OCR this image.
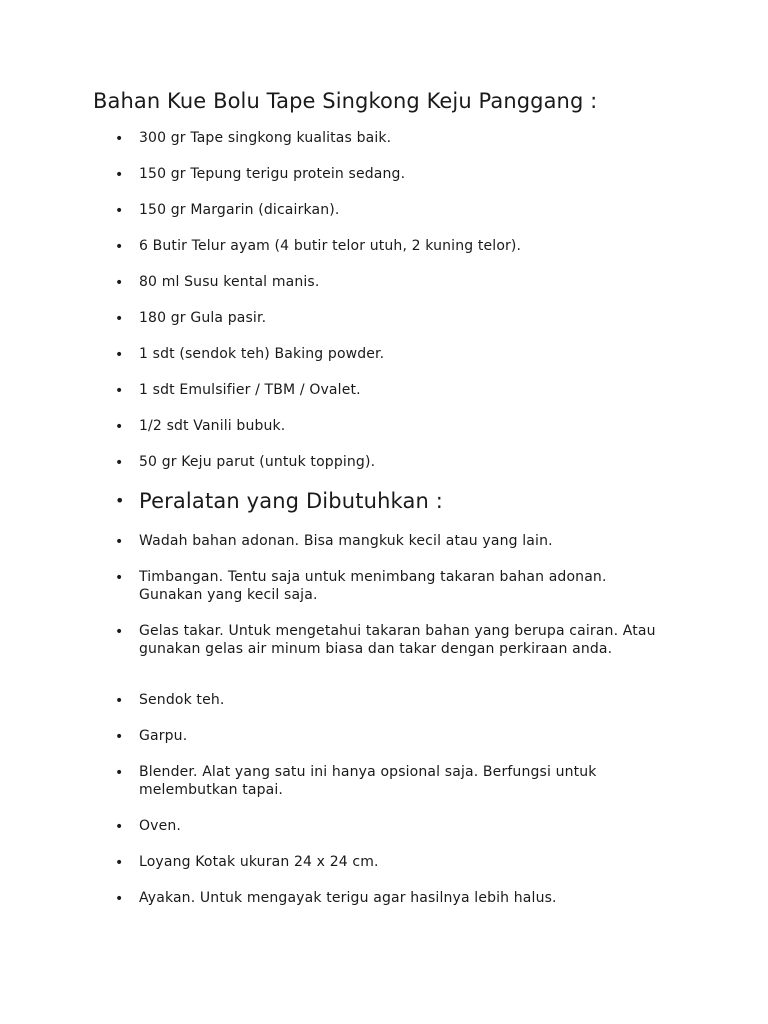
Bahan Kue Bolu Tape Singkong Keju Panggang :
• 300 gr Tape singkong kualitas baik.
• 150 gr Tepung terigu protein sedang.
• 150 gr Margarin (dicairkan).
• 6 Butir Telur ayam (4 butir telor utuh, 2 kuning telor).
• 80 ml Susu kental manis.
• 180 gr Gula pasir.
• 1 sdt (sendok teh) Baking powder.
• 1 sdt Emulsifier / TBM / Ovalet.
• 1/2 sdt Vanili bubuk.
• 50 gr Keju parut (untuk topping).
• Peralatan yang Dibutuhkan :
• Wadah bahan adonan. Bisa mangkuk kecil atau yang lain.
• Timbangan. Tentu saja untuk menimbang takaran bahan adonan. Gunakan yang kecil saja.
• Gelas takar. Untuk mengetahui takaran bahan yang berupa cairan. Atau gunakan gelas air minum biasa dan takar dengan perkiraan anda.
• Sendok teh.
• Garpu.
• Blender. Alat yang satu ini hanya opsional saja. Berfungsi untuk melembutkan tapai.
• Oven.
• Loyang Kotak ukuran 24 x 24 cm.
• Ayakan. Untuk mengayak terigu agar hasilnya lebih halus.
